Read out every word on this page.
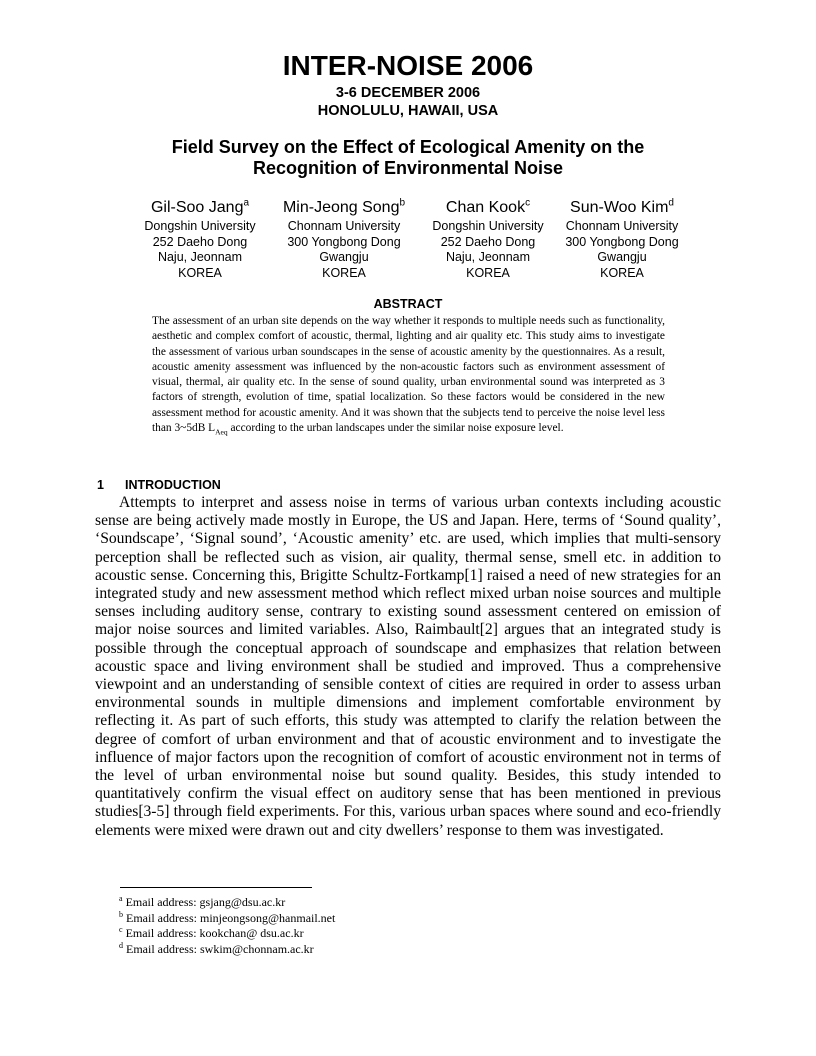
INTER-NOISE 2006
3-6 DECEMBER 2006
HONOLULU, HAWAII, USA
Field Survey on the Effect of Ecological Amenity on the
Recognition of Environmental Noise
Gil-Soo Jang$^a$
Dongshin University
252 Daeho Dong
Naju, Jeonnam
KOREA
Min-Jeong Song$^b$
Chonnam University
300 Yongbong Dong
Gwangju
KOREA
Chan Kook$^c$
Dongshin University
252 Daeho Dong
Naju, Jeonnam
KOREA
Sun-Woo Kim$^d$
Chonnam University
300 Yongbong Dong
Gwangju
KOREA
ABSTRACT
The assessment of an urban site depends on the way whether it responds to multiple needs such as functionality, aesthetic and complex comfort of acoustic, thermal, lighting and air quality etc. This study aims to investigate the assessment of various urban soundscapes in the sense of acoustic amenity by the questionnaires. As a result, acoustic amenity assessment was influenced by the non-acoustic factors such as environment assessment of visual, thermal, air quality etc. In the sense of sound quality, urban environmental sound was interpreted as 3 factors of strength, evolution of time, spatial localization. So these factors would be considered in the new assessment method for acoustic amenity. And it was shown that the subjects tend to perceive the noise level less than 3~5dB $L_{Aeq}$ according to the urban landscapes under the similar noise exposure level.
1 INTRODUCTION

Attempts to interpret and assess noise in terms of various urban contexts including acoustic sense are being actively made mostly in Europe, the US and Japan. Here, terms of ‘Sound quality’, ‘Soundscape’, ‘Signal sound’, ‘Acoustic amenity’ etc. are used, which implies that multi-sensory perception shall be reflected such as vision, air quality, thermal sense, smell etc. in addition to acoustic sense. Concerning this, Brigitte Schultz-Fortkamp[1] raised a need of new strategies for an integrated study and new assessment method which reflect mixed urban noise sources and multiple senses including auditory sense, contrary to existing sound assessment centered on emission of major noise sources and limited variables. Also, Raimbault[2] argues that an integrated study is possible through the conceptual approach of soundscape and emphasizes that relation between acoustic space and living environment shall be studied and improved. Thus a comprehensive viewpoint and an understanding of sensible context of cities are required in order to assess urban environmental sounds in multiple dimensions and implement comfortable environment by reflecting it. As part of such efforts, this study was attempted to clarify the relation between the degree of comfort of urban environment and that of acoustic environment and to investigate the influence of major factors upon the recognition of comfort of acoustic environment not in terms of the level of urban environmental noise but sound quality. Besides, this study intended to quantitatively confirm the visual effect on auditory sense that has been mentioned in previous studies[3-5] through field experiments. For this, various urban spaces where sound and eco-friendly elements were mixed were drawn out and city dwellers’ response to them was investigated.

$^a$ Email address: gsjang@dsu.ac.kr
$^b$ Email address: minjeongsong@hanmail.net
$^c$ Email address: kookchan@ dsu.ac.kr
$^d$ Email address: swkim@chonnam.ac.kr
